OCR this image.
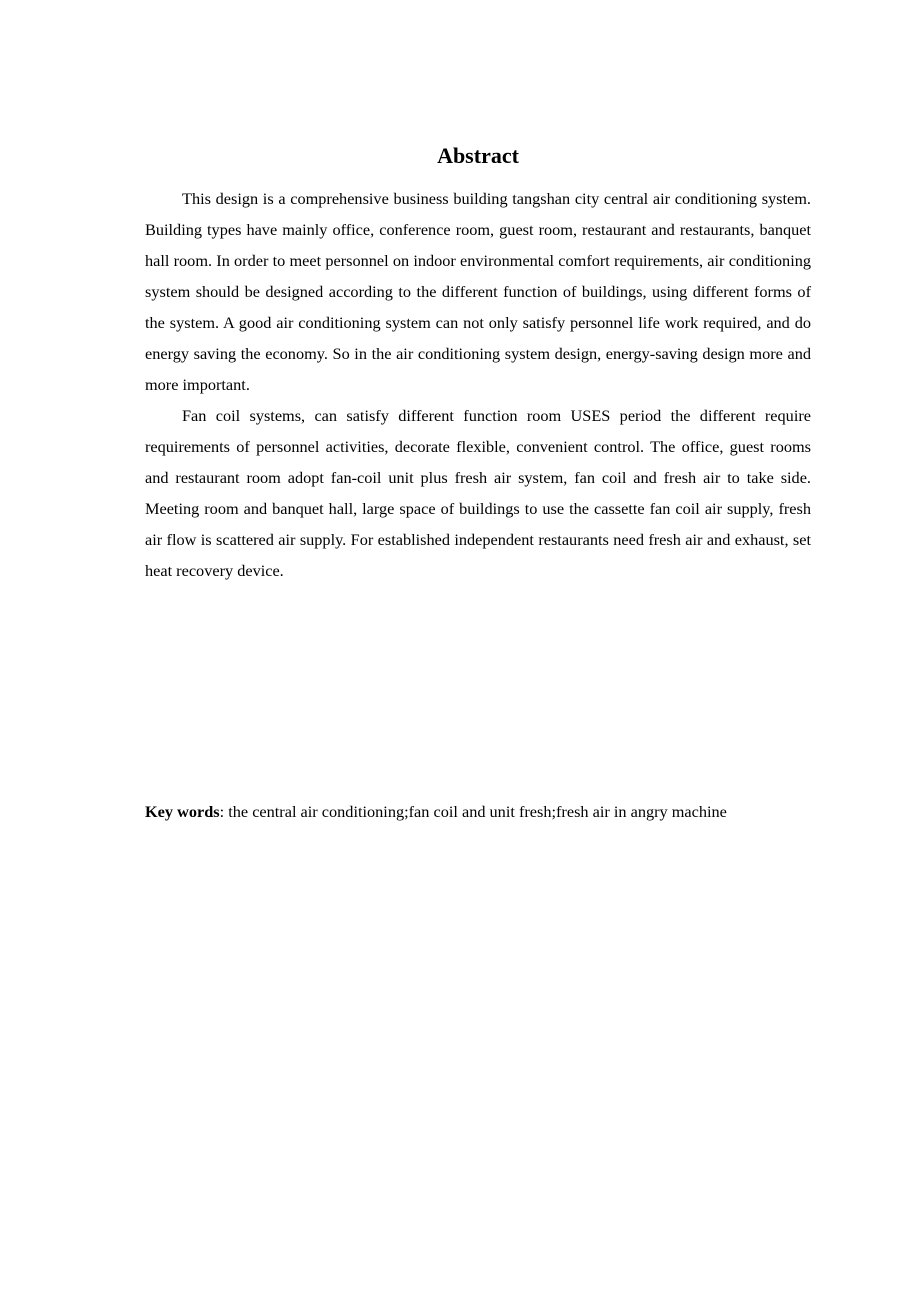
Abstract

This design is a comprehensive business building tangshan city central air conditioning system. Building types have mainly office, conference room, guest room, restaurant and restaurants, banquet hall room. In order to meet personnel on indoor environmental comfort requirements, air conditioning system should be designed according to the different function of buildings, using different forms of the system. A good air conditioning system can not only satisfy personnel life work required, and do energy saving the economy. So in the air conditioning system design, energy-saving design more and more important.

Fan coil systems, can satisfy different function room USES period the different require requirements of personnel activities, decorate flexible, convenient control. The office, guest rooms and restaurant room adopt fan-coil unit plus fresh air system, fan coil and fresh air to take side. Meeting room and banquet hall, large space of buildings to use the cassette fan coil air supply, fresh air flow is scattered air supply. For established independent restaurants need fresh air and exhaust, set heat recovery device.

Key words: the central air conditioning;fan coil and unit fresh;fresh air in angry machine
